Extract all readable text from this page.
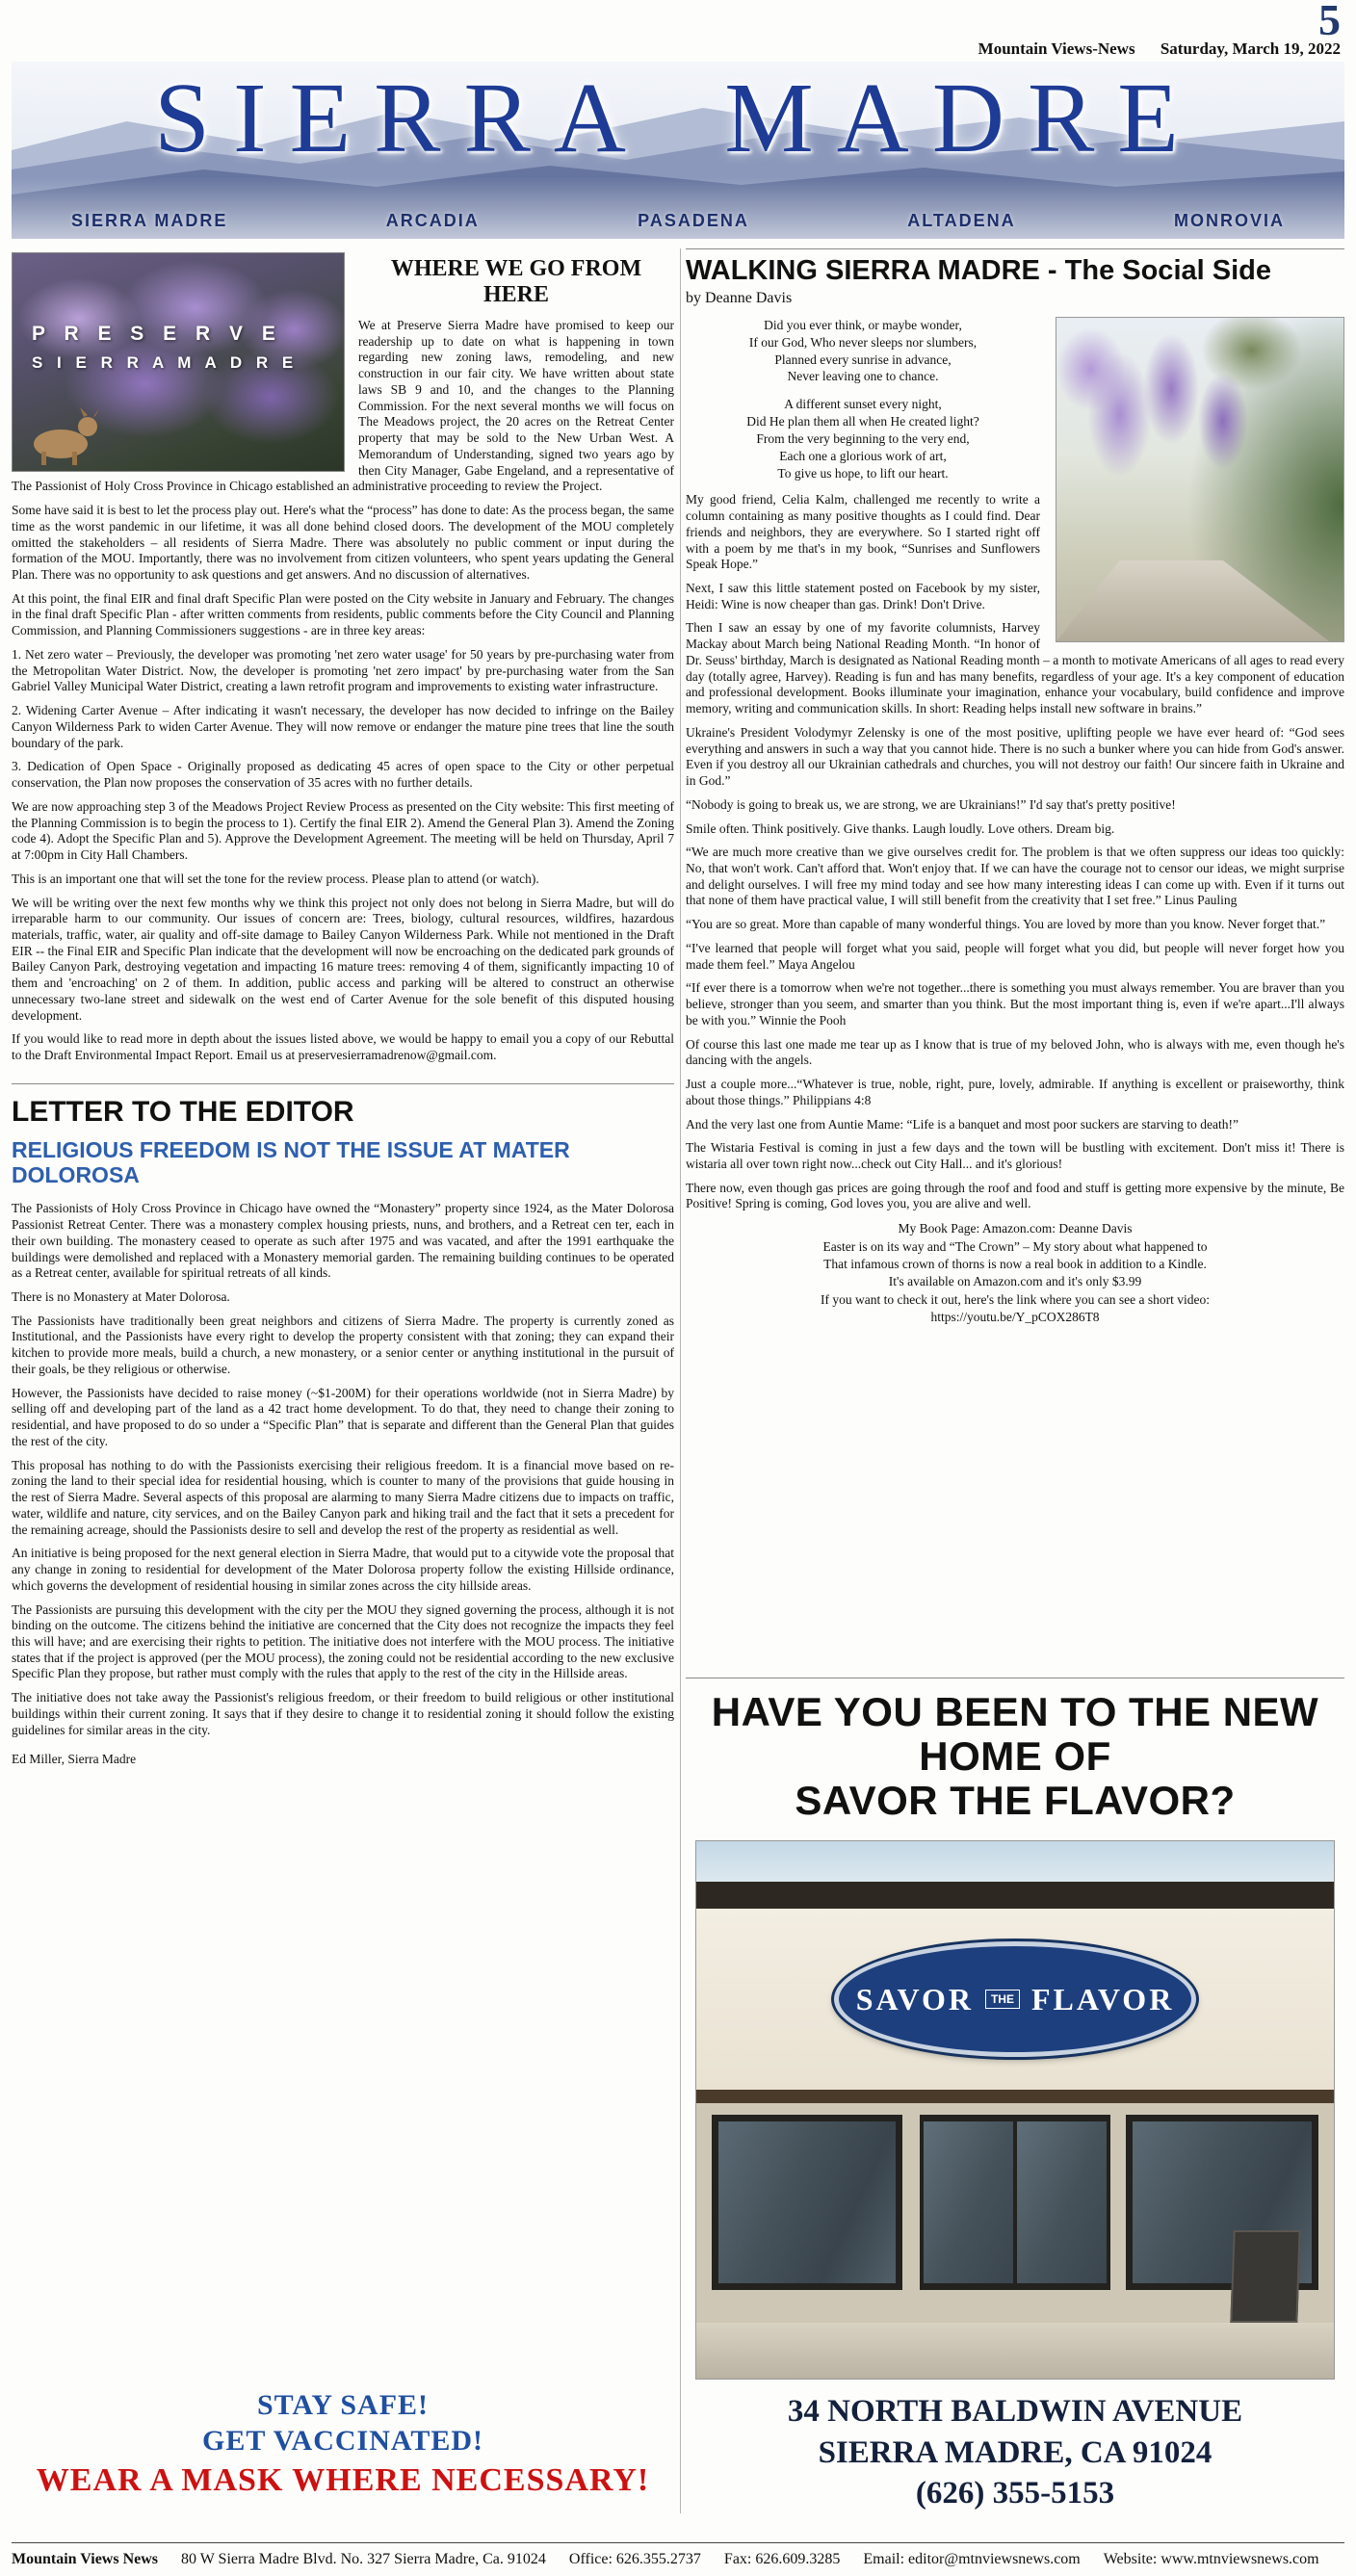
5
Mountain Views-News Saturday, March 19, 2022
SIERRA MADRE
SIERRA MADRE	ARCADIA	PASADENA	ALTADENA	MONROVIA
P R E S E R V E
S I E R R A M A D R E
WHERE WE GO FROM HERE

We at Preserve Sierra Madre have promised to keep our readership up to date on what is happening in town regarding new zoning laws, remodeling, and new construction in our fair city. We have written about state laws SB 9 and 10, and the changes to the Planning Commission. For the next several months we will focus on The Meadows project, the 20 acres on the Retreat Center property that may be sold to the New Urban West. A Memorandum of Understanding, signed two years ago by then City Manager, Gabe Engeland, and a representative of The Passionist of Holy Cross Province in Chicago established an administrative proceeding to review the Project.

Some have said it is best to let the process play out. Here's what the “process” has done to date: As the process began, the same time as the worst pandemic in our lifetime, it was all done behind closed doors. The development of the MOU completely omitted the stakeholders – all residents of Sierra Madre. There was absolutely no public comment or input during the formation of the MOU. Importantly, there was no involvement from citizen volunteers, who spent years updating the General Plan. There was no opportunity to ask questions and get answers. And no discussion of alternatives.

At this point, the final EIR and final draft Specific Plan were posted on the City website in January and February. The changes in the final draft Specific Plan - after written comments from residents, public comments before the City Council and Planning Commission, and Planning Commissioners suggestions - are in three key areas:

1. Net zero water – Previously, the developer was promoting 'net zero water usage' for 50 years by pre-purchasing water from the Metropolitan Water District. Now, the developer is promoting 'net zero impact' by pre-purchasing water from the San Gabriel Valley Municipal Water District, creating a lawn retrofit program and improvements to existing water infrastructure.

2. Widening Carter Avenue – After indicating it wasn't necessary, the developer has now decided to infringe on the Bailey Canyon Wilderness Park to widen Carter Avenue. They will now remove or endanger the mature pine trees that line the south boundary of the park.

3. Dedication of Open Space - Originally proposed as dedicating 45 acres of open space to the City or other perpetual conservation, the Plan now proposes the conservation of 35 acres with no further details.

We are now approaching step 3 of the Meadows Project Review Process as presented on the City website: This first meeting of the Planning Commission is to begin the process to 1). Certify the final EIR 2). Amend the General Plan 3). Amend the Zoning code 4). Adopt the Specific Plan and 5). Approve the Development Agreement. The meeting will be held on Thursday, April 7 at 7:00pm in City Hall Chambers.

This is an important one that will set the tone for the review process. Please plan to attend (or watch).

We will be writing over the next few months why we think this project not only does not belong in Sierra Madre, but will do irreparable harm to our community. Our issues of concern are: Trees, biology, cultural resources, wildfires, hazardous materials, traffic, water, air quality and off-site damage to Bailey Canyon Wilderness Park. While not mentioned in the Draft EIR -- the Final EIR and Specific Plan indicate that the development will now be encroaching on the dedicated park grounds of Bailey Canyon Park, destroying vegetation and impacting 16 mature trees: removing 4 of them, significantly impacting 10 of them and 'encroaching' on 2 of them. In addition, public access and parking will be altered to construct an otherwise unnecessary two-lane street and sidewalk on the west end of Carter Avenue for the sole benefit of this disputed housing development.

If you would like to read more in depth about the issues listed above, we would be happy to email you a copy of our Rebuttal to the Draft Environmental Impact Report. Email us at preservesierramadrenow@gmail.com.

LETTER TO THE EDITOR
RELIGIOUS FREEDOM IS NOT THE ISSUE AT MATER DOLOROSA

The Passionists of Holy Cross Province in Chicago have owned the “Monastery” property since 1924, as the Mater Dolorosa Passionist Retreat Center. There was a monastery complex housing priests, nuns, and brothers, and a Retreat cen ter, each in their own building. The monastery ceased to operate as such after 1975 and was vacated, and after the 1991 earthquake the buildings were demolished and replaced with a Monastery memorial garden. The remaining building continues to be operated as a Retreat center, available for spiritual retreats of all kinds.

There is no Monastery at Mater Dolorosa.

The Passionists have traditionally been great neighbors and citizens of Sierra Madre. The property is currently zoned as Institutional, and the Passionists have every right to develop the property consistent with that zoning; they can expand their kitchen to provide more meals, build a church, a new monastery, or a senior center or anything institutional in the pursuit of their goals, be they religious or otherwise.

However, the Passionists have decided to raise money (~$1-200M) for their operations worldwide (not in Sierra Madre) by selling off and developing part of the land as a 42 tract home development. To do that, they need to change their zoning to residential, and have proposed to do so under a “Specific Plan” that is separate and different than the General Plan that guides the rest of the city.

This proposal has nothing to do with the Passionists exercising their religious freedom. It is a financial move based on re-zoning the land to their special idea for residential housing, which is counter to many of the provisions that guide housing in the rest of Sierra Madre. Several aspects of this proposal are alarming to many Sierra Madre citizens due to impacts on traffic, water, wildlife and nature, city services, and on the Bailey Canyon park and hiking trail and the fact that it sets a precedent for the remaining acreage, should the Passionists desire to sell and develop the rest of the property as residential as well.

An initiative is being proposed for the next general election in Sierra Madre, that would put to a citywide vote the proposal that any change in zoning to residential for development of the Mater Dolorosa property follow the existing Hillside ordinance, which governs the development of residential housing in similar zones across the city hillside areas.

The Passionists are pursuing this development with the city per the MOU they signed governing the process, although it is not binding on the outcome. The citizens behind the initiative are concerned that the City does not recognize the impacts they feel this will have; and are exercising their rights to petition. The initiative does not interfere with the MOU process. The initiative states that if the project is approved (per the MOU process), the zoning could not be residential according to the new exclusive Specific Plan they propose, but rather must comply with the rules that apply to the rest of the city in the Hillside areas.

The initiative does not take away the Passionist's religious freedom, or their freedom to build religious or other institutional buildings within their current zoning. It says that if they desire to change it to residential zoning it should follow the existing guidelines for similar areas in the city.

Ed Miller, Sierra Madre

STAY SAFE!
GET VACCINATED!
WEAR A MASK WHERE NECESSARY!
WALKING SIERRA MADRE - The Social Side
by Deanne Davis
Did you ever think, or maybe wonder,
If our God, Who never sleeps nor slumbers,
Planned every sunrise in advance,
Never leaving one to chance.
A different sunset every night,
Did He plan them all when He created light?
From the very beginning to the very end,
Each one a glorious work of art,
To give us hope, to lift our heart.

My good friend, Celia Kalm, challenged me recently to write a column containing as many positive thoughts as I could find. Dear friends and neighbors, they are everywhere. So I started right off with a poem by me that's in my book, “Sunrises and Sunflowers Speak Hope.”

Next, I saw this little statement posted on Facebook by my sister, Heidi: Wine is now cheaper than gas. Drink! Don't Drive.

Then I saw an essay by one of my favorite columnists, Harvey Mackay about March being National Reading Month. “In honor of Dr. Seuss' birthday, March is designated as National Reading month – a month to motivate Americans of all ages to read every day (totally agree, Harvey). Reading is fun and has many benefits, regardless of your age. It's a key component of education and professional development. Books illuminate your imagination, enhance your vocabulary, build confidence and improve memory, writing and communication skills. In short: Reading helps install new software in brains.”

Ukraine's President Volodymyr Zelensky is one of the most positive, uplifting people we have ever heard of: “God sees everything and answers in such a way that you cannot hide. There is no such a bunker where you can hide from God's answer. Even if you destroy all our Ukrainian cathedrals and churches, you will not destroy our faith! Our sincere faith in Ukraine and in God.”

“Nobody is going to break us, we are strong, we are Ukrainians!” I'd say that's pretty positive!

Smile often. Think positively. Give thanks. Laugh loudly. Love others. Dream big.

“We are much more creative than we give ourselves credit for. The problem is that we often suppress our ideas too quickly: No, that won't work. Can't afford that. Won't enjoy that. If we can have the courage not to censor our ideas, we might surprise and delight ourselves. I will free my mind today and see how many interesting ideas I can come up with. Even if it turns out that none of them have practical value, I will still benefit from the creativity that I set free.” Linus Pauling

“You are so great. More than capable of many wonderful things. You are loved by more than you know. Never forget that.”

“I've learned that people will forget what you said, people will forget what you did, but people will never forget how you made them feel.” Maya Angelou

“If ever there is a tomorrow when we're not together...there is something you must always remember. You are braver than you believe, stronger than you seem, and smarter than you think. But the most important thing is, even if we're apart...I'll always be with you.” Winnie the Pooh

Of course this last one made me tear up as I know that is true of my beloved John, who is always with me, even though he's dancing with the angels.

Just a couple more...“Whatever is true, noble, right, pure, lovely, admirable. If anything is excellent or praiseworthy, think about those things.” Philippians 4:8

And the very last one from Auntie Mame: “Life is a banquet and most poor suckers are starving to death!”

The Wistaria Festival is coming in just a few days and the town will be bustling with excitement. Don't miss it! There is wistaria all over town right now...check out City Hall... and it's glorious!

There now, even though gas prices are going through the roof and food and stuff is getting more expensive by the minute, Be Positive! Spring is coming, God loves you, you are alive and well.

My Book Page: Amazon.com: Deanne Davis
Easter is on its way and “The Crown” – My story about what happened to
That infamous crown of thorns is now a real book in addition to a Kindle.
It's available on Amazon.com and it's only $3.99
If you want to check it out, here's the link where you can see a short video:
https://youtu.be/Y_pCOX286T8
HAVE YOU BEEN TO THE NEW
HOME OF
SAVOR THE FLAVOR?
SAVOR	THE FLAVOR
34 NORTH BALDWIN AVENUE
SIERRA MADRE, CA 91024
(626) 355-5153
Mountain Views News 80 W Sierra Madre Blvd. No. 327 Sierra Madre, Ca. 91024 Office: 626.355.2737 Fax: 626.609.3285 Email: editor@mtnviewsnews.com Website: www.mtnviewsnews.com
